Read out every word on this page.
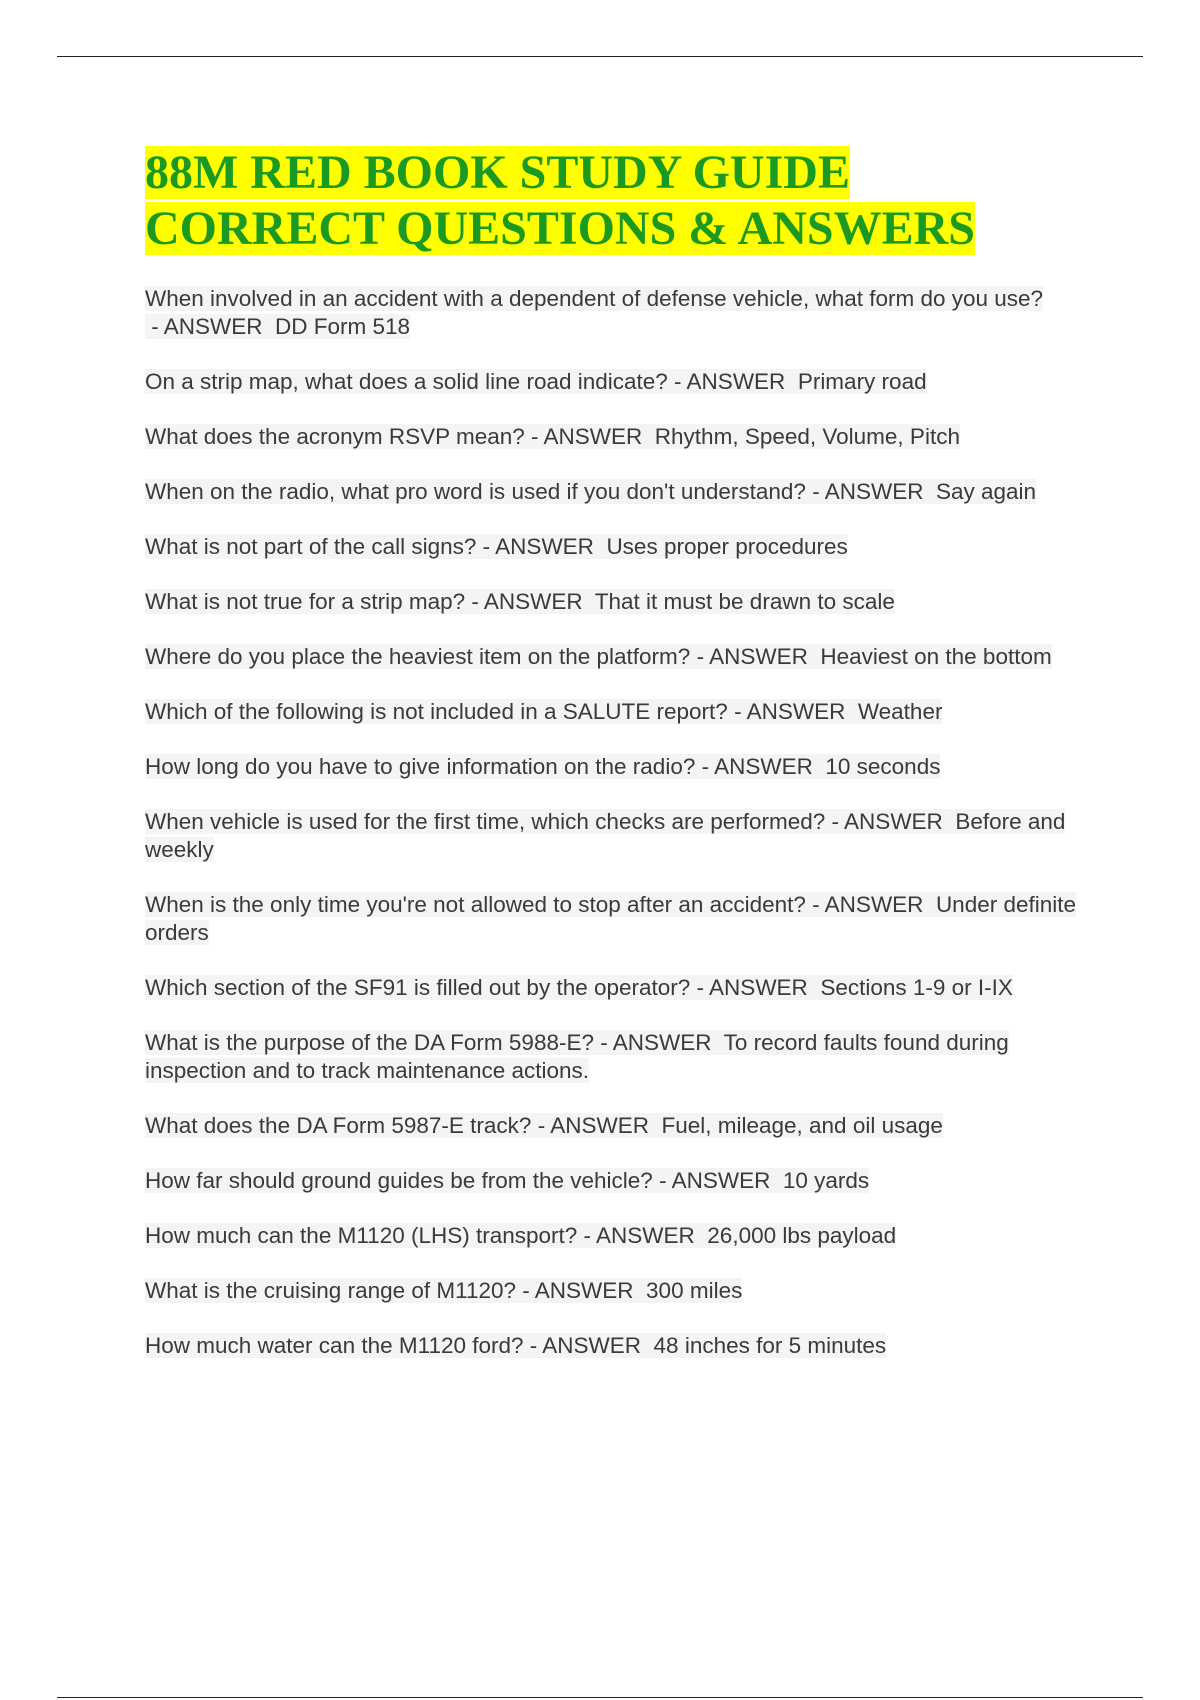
88M RED BOOK STUDY GUIDE
CORRECT QUESTIONS & ANSWERS

When involved in an accident with a dependent of defense vehicle, what form do you use? - ANSWER  DD Form 518

On a strip map, what does a solid line road indicate? - ANSWER  Primary road

What does the acronym RSVP mean? - ANSWER  Rhythm, Speed, Volume, Pitch

When on the radio, what pro word is used if you don't understand? - ANSWER  Say again

What is not part of the call signs? - ANSWER  Uses proper procedures

What is not true for a strip map? - ANSWER  That it must be drawn to scale

Where do you place the heaviest item on the platform? - ANSWER  Heaviest on the bottom

Which of the following is not included in a SALUTE report? - ANSWER  Weather

How long do you have to give information on the radio? - ANSWER  10 seconds

When vehicle is used for the first time, which checks are performed? - ANSWER  Before and weekly

When is the only time you're not allowed to stop after an accident? - ANSWER  Under definite orders

Which section of the SF91 is filled out by the operator? - ANSWER  Sections 1-9 or I-IX

What is the purpose of the DA Form 5988-E? - ANSWER  To record faults found during inspection and to track maintenance actions.

What does the DA Form 5987-E track? - ANSWER  Fuel, mileage, and oil usage

How far should ground guides be from the vehicle? - ANSWER  10 yards

How much can the M1120 (LHS) transport? - ANSWER  26,000 lbs payload

What is the cruising range of M1120? - ANSWER  300 miles

How much water can the M1120 ford? - ANSWER  48 inches for 5 minutes
